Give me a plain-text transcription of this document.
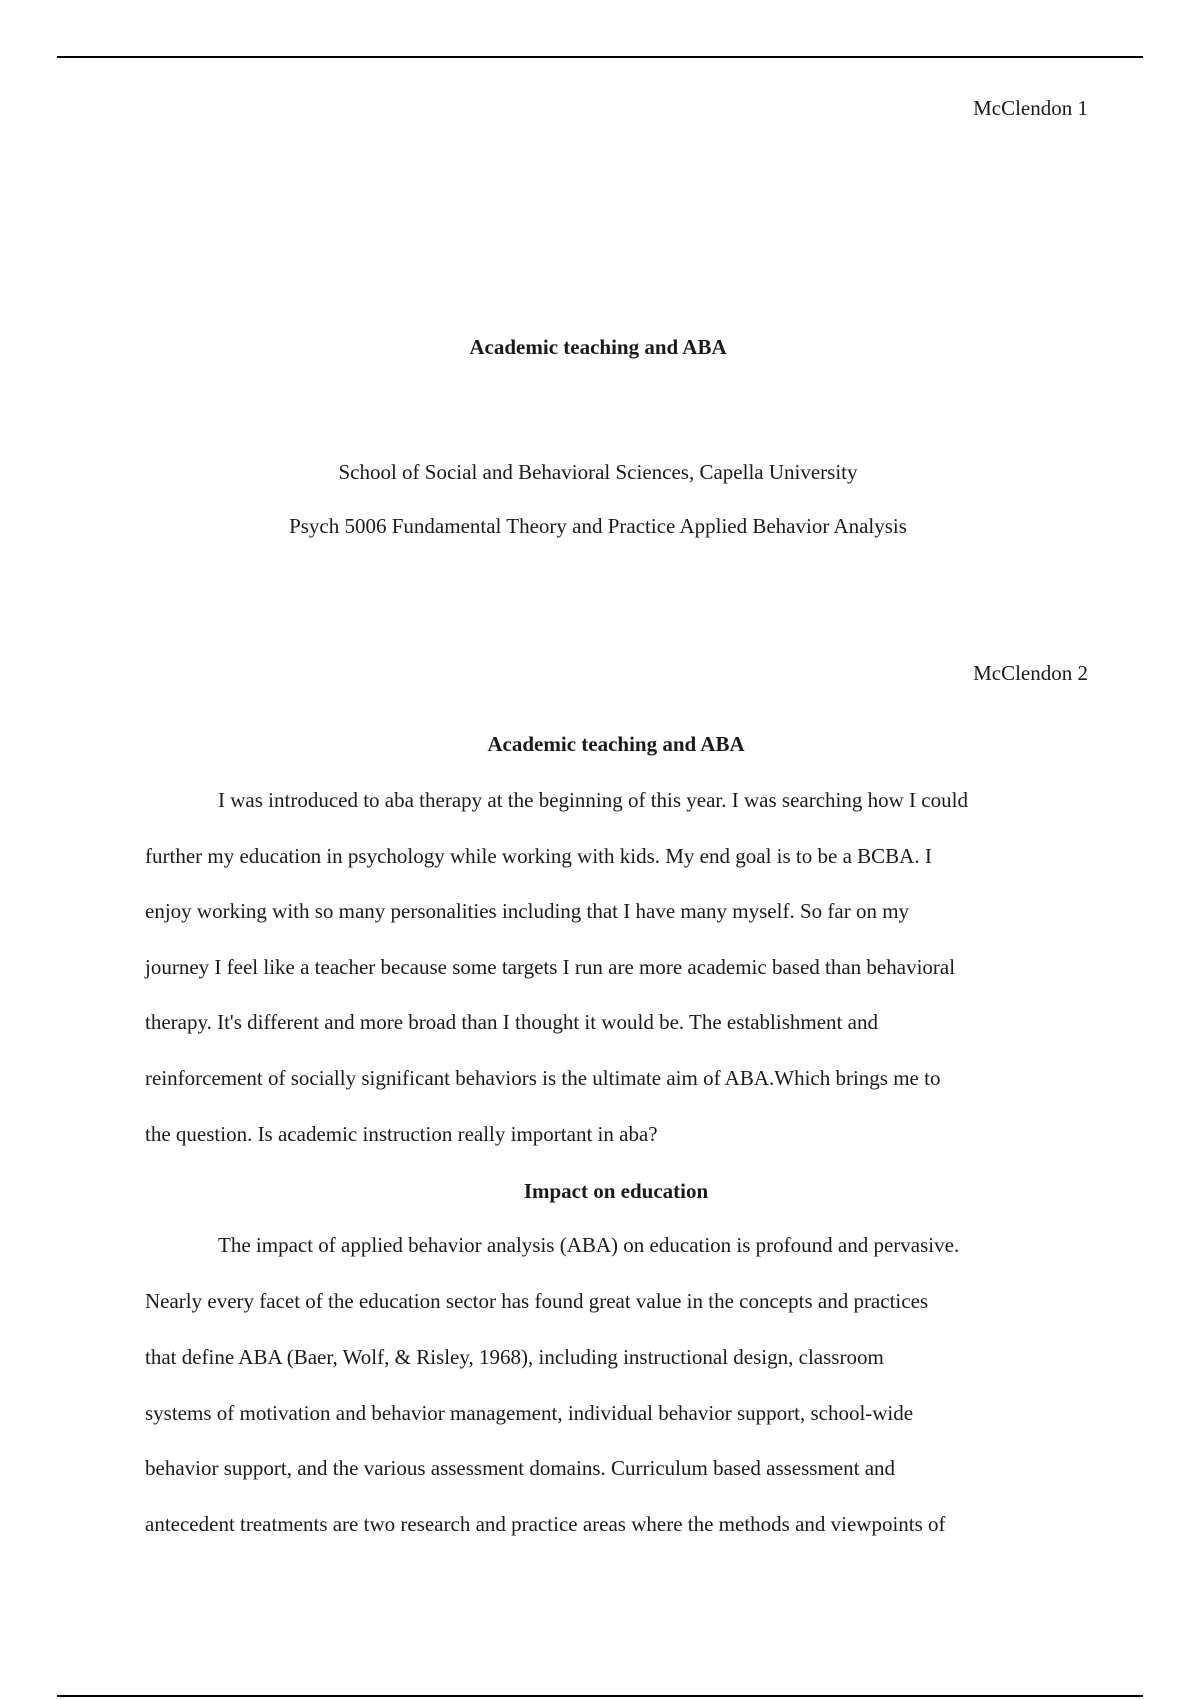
McClendon 1
Academic teaching and ABA
School of Social and Behavioral Sciences, Capella University
Psych 5006 Fundamental Theory and Practice Applied Behavior Analysis
McClendon 2
Academic teaching and ABA
I was introduced to aba therapy at the beginning of this year. I was searching how I could
further my education in psychology while working with kids. My end goal is to be a BCBA. I
enjoy working with so many personalities including that I have many myself. So far on my
journey I feel like a teacher because some targets I run are more academic based than behavioral
therapy. It's different and more broad than I thought it would be. The establishment and
reinforcement of socially significant behaviors is the ultimate aim of ABA.Which brings me to
the question. Is academic instruction really important in aba?
Impact on education
The impact of applied behavior analysis (ABA) on education is profound and pervasive.
Nearly every facet of the education sector has found great value in the concepts and practices
that define ABA (Baer, Wolf, & Risley, 1968), including instructional design, classroom
systems of motivation and behavior management, individual behavior support, school-wide
behavior support, and the various assessment domains. Curriculum based assessment and
antecedent treatments are two research and practice areas where the methods and viewpoints of
